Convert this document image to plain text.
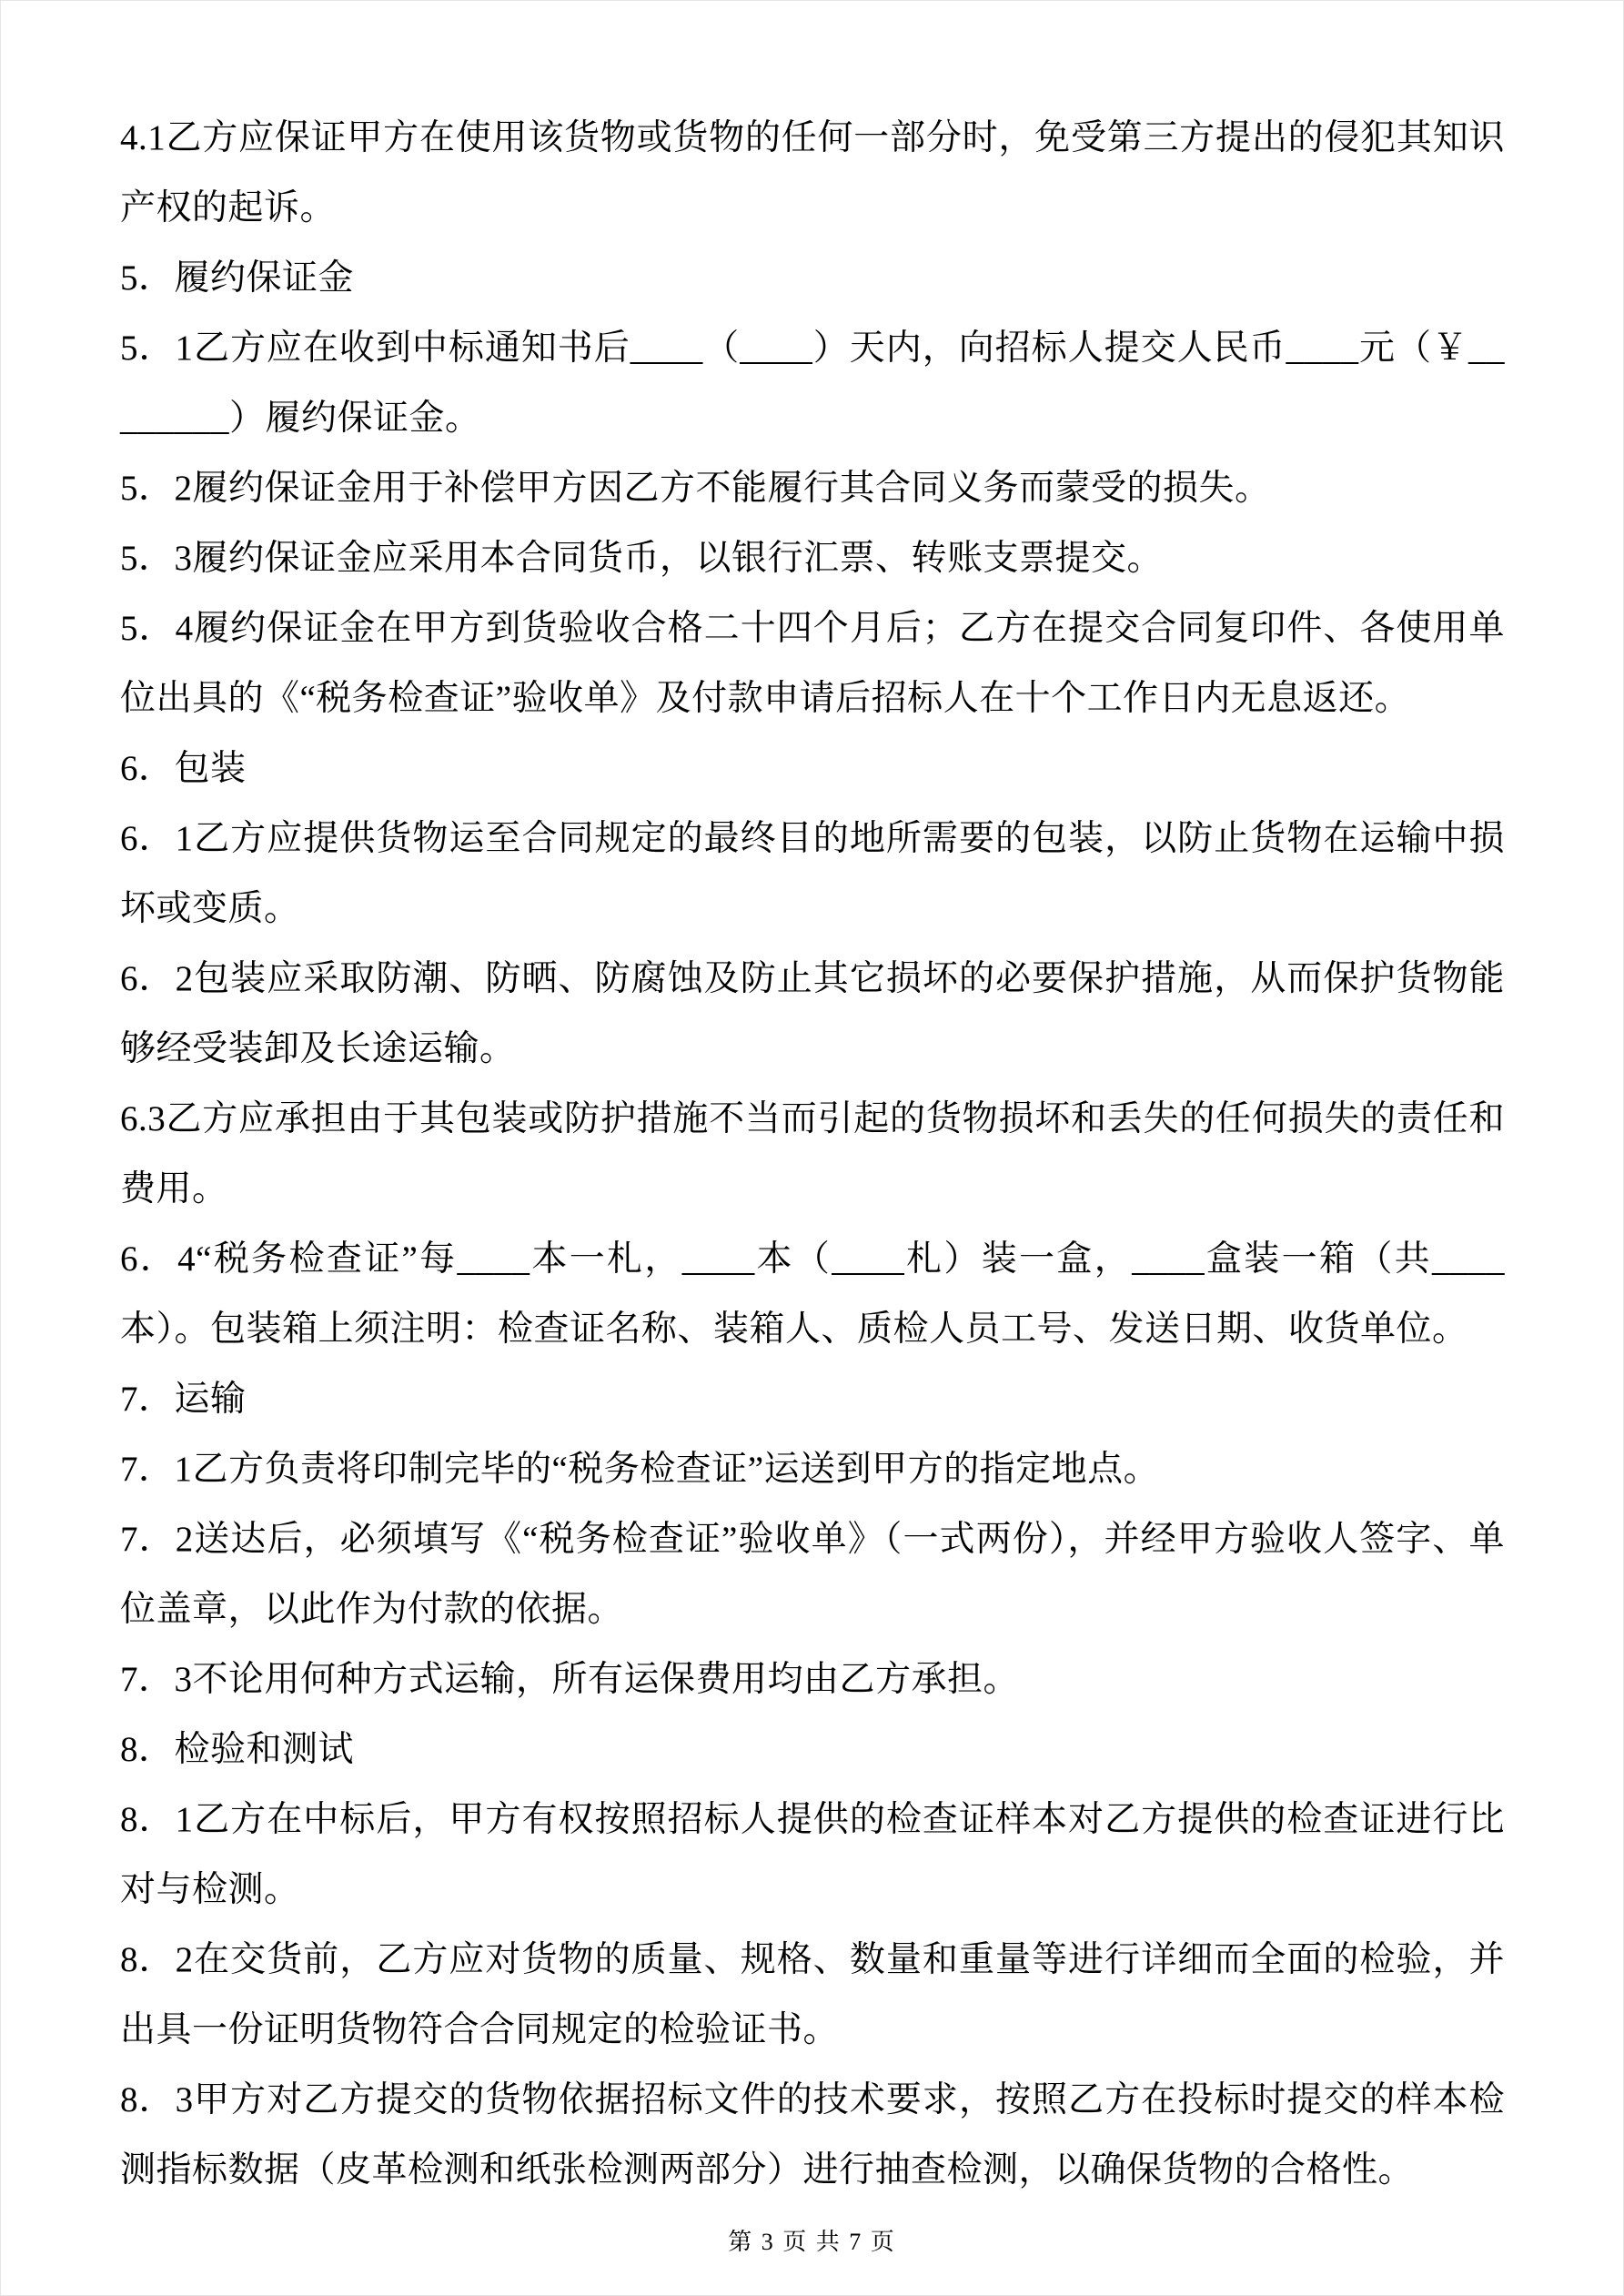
4.1乙方应保证甲方在使用该货物或货物的任何一部分时，免受第三方提出的侵犯其知识产权的起诉。

5．履约保证金

5．1乙方应在收到中标通知书后____（____）天内，向招标人提交人民币____元（￥________）履约保证金。

5．2履约保证金用于补偿甲方因乙方不能履行其合同义务而蒙受的损失。

5．3履约保证金应采用本合同货币，以银行汇票、转账支票提交。

5．4履约保证金在甲方到货验收合格二十四个月后；乙方在提交合同复印件、各使用单位出具的《“税务检查证”验收单》及付款申请后招标人在十个工作日内无息返还。

6．包装

6．1乙方应提供货物运至合同规定的最终目的地所需要的包装，以防止货物在运输中损坏或变质。

6．2包装应采取防潮、防晒、防腐蚀及防止其它损坏的必要保护措施，从而保护货物能够经受装卸及长途运输。

6.3乙方应承担由于其包装或防护措施不当而引起的货物损坏和丢失的任何损失的责任和费用。

6．4“税务检查证”每____本一札，____本（____札）装一盒，____盒装一箱（共____本）。包装箱上须注明：检查证名称、装箱人、质检人员工号、发送日期、收货单位。

7．运输

7．1乙方负责将印制完毕的“税务检查证”运送到甲方的指定地点。

7．2送达后，必须填写《“税务检查证”验收单》（一式两份），并经甲方验收人签字、单位盖章，以此作为付款的依据。

7．3不论用何种方式运输，所有运保费用均由乙方承担。

8．检验和测试

8．1乙方在中标后，甲方有权按照招标人提供的检查证样本对乙方提供的检查证进行比对与检测。

8．2在交货前，乙方应对货物的质量、规格、数量和重量等进行详细而全面的检验，并出具一份证明货物符合合同规定的检验证书。

8．3甲方对乙方提交的货物依据招标文件的技术要求，按照乙方在投标时提交的样本检测指标数据（皮革检测和纸张检测两部分）进行抽查检测，以确保货物的合格性。

第 3 页 共 7 页
